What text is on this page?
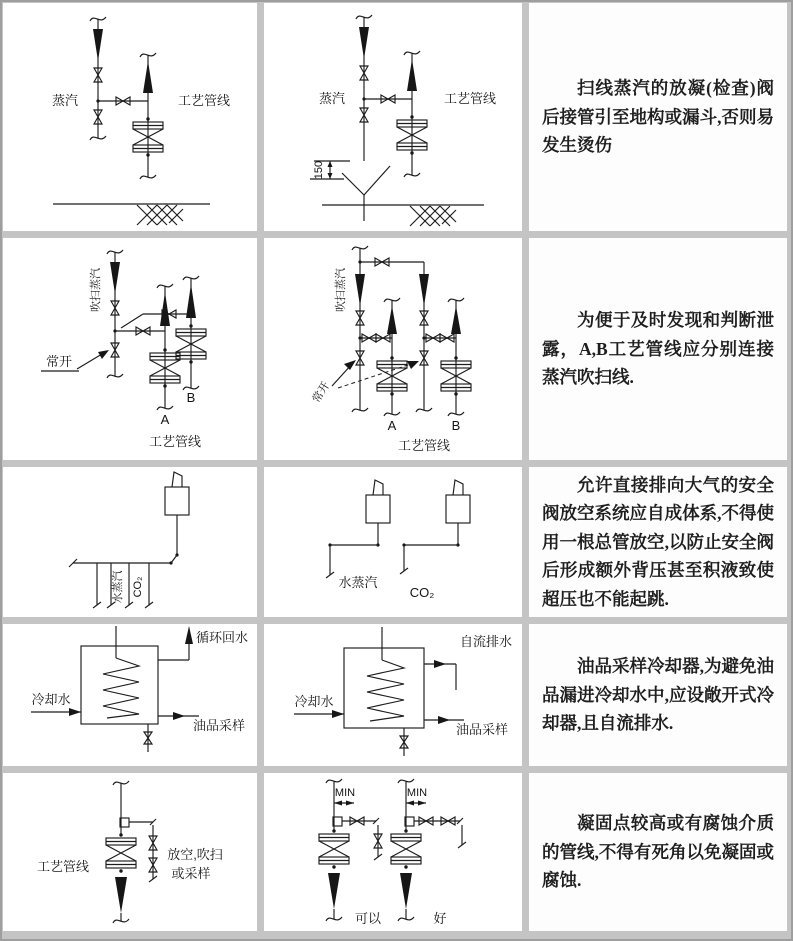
蒸汽	工艺管线	蒸汽	工艺管线
150

扫线蒸汽的放凝(检查)阀后接管引至地构或漏斗,否则易发生烫伤

吹扫蒸汽
常开
A
B
工艺管线
A	B
吹扫蒸汽
常开
工艺管线

为便于及时发现和判断泄露，A,B工艺管线应分别连接蒸汽吹扫线.

水蒸汽 CO₂	水蒸汽
CO₂

允许直接排向大气的安全阀放空系统应自成体系,不得使用一根总管放空,以防止安全阀后形成额外背压甚至积液致使超压也不能起跳.

循环回水
冷却水
油品采样
自流排水
冷却水
油品采样

油品采样冷却器,为避免油品漏进冷却水中,应设敞开式冷却器,且自流排水.

工艺管线
放空,吹扫
或采样
MIN
可以
MIN
好

凝固点较高或有腐蚀介质的管线,不得有死角以免凝固或腐蚀.
